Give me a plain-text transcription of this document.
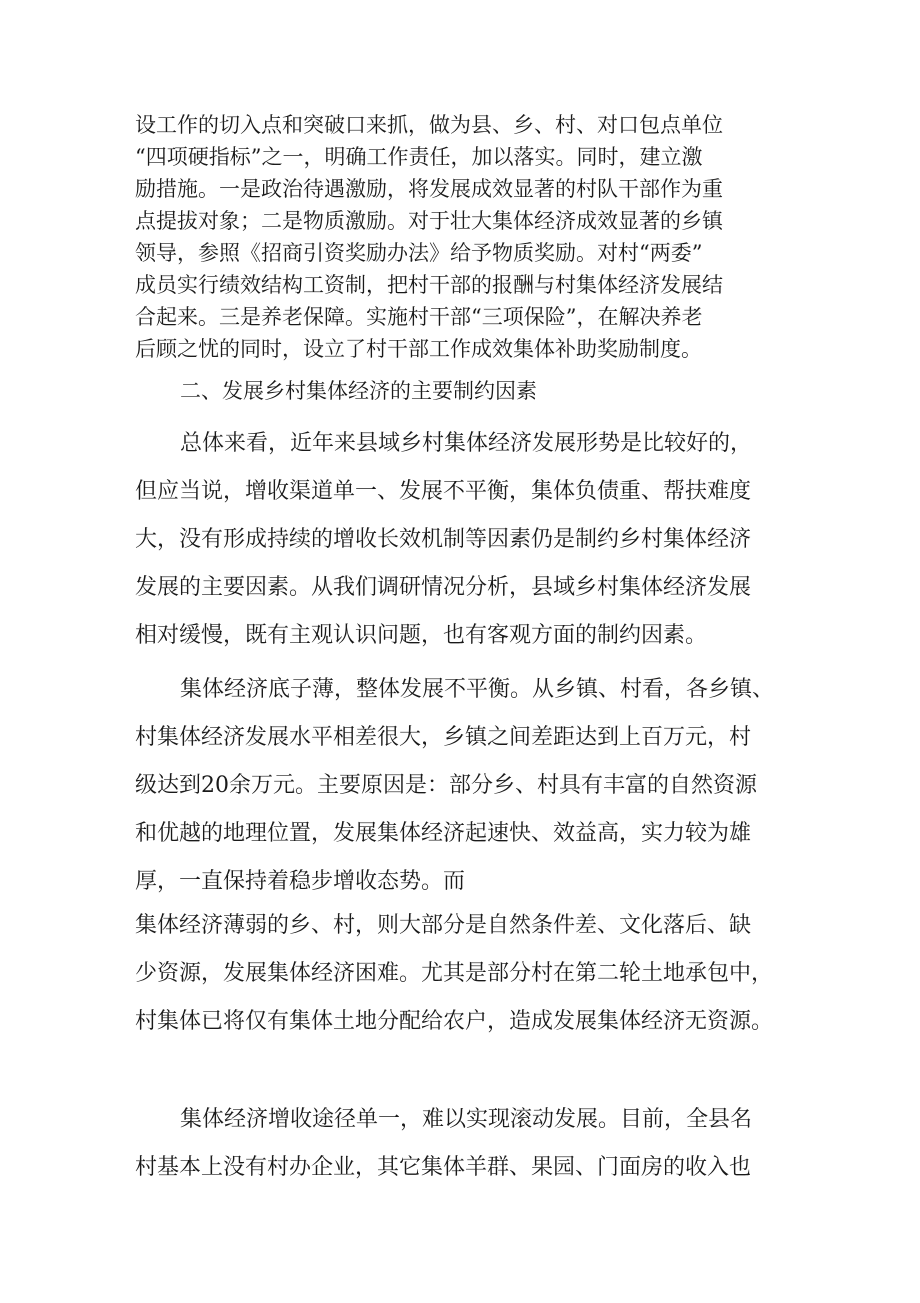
设工作的切入点和突破口来抓，做为县、乡、村、对口包点单位

“四项硬指标”之一，明确工作责任，加以落实。同时，建立激

励措施。一是政治待遇激励，将发展成效显著的村队干部作为重

点提拔对象；二是物质激励。对于壮大集体经济成效显著的乡镇

领导，参照《招商引资奖励办法》给予物质奖励。对村“两委”

成员实行绩效结构工资制，把村干部的报酬与村集体经济发展结

合起来。三是养老保障。实施村干部“三项保险”，在解决养老

后顾之忧的同时，设立了村干部工作成效集体补助奖励制度。

二、发展乡村集体经济的主要制约因素

总体来看，近年来县域乡村集体经济发展形势是比较好的，

但应当说，增收渠道单一、发展不平衡，集体负债重、帮扶难度

大，没有形成持续的增收长效机制等因素仍是制约乡村集体经济

发展的主要因素。从我们调研情况分析，县域乡村集体经济发展

相对缓慢，既有主观认识问题，也有客观方面的制约因素。

集体经济底子薄，整体发展不平衡。从乡镇、村看，各乡镇、

村集体经济发展水平相差很大，乡镇之间差距达到上百万元，村

级达到20余万元。主要原因是：部分乡、村具有丰富的自然资源

和优越的地理位置，发展集体经济起速快、效益高，实力较为雄

厚，一直保持着稳步增收态势。而

集体经济薄弱的乡、村，则大部分是自然条件差、文化落后、缺

少资源，发展集体经济困难。尤其是部分村在第二轮土地承包中，

村集体已将仅有集体土地分配给农户，造成发展集体经济无资源。

集体经济增收途径单一，难以实现滚动发展。目前，全县名

村基本上没有村办企业，其它集体羊群、果园、门面房的收入也
